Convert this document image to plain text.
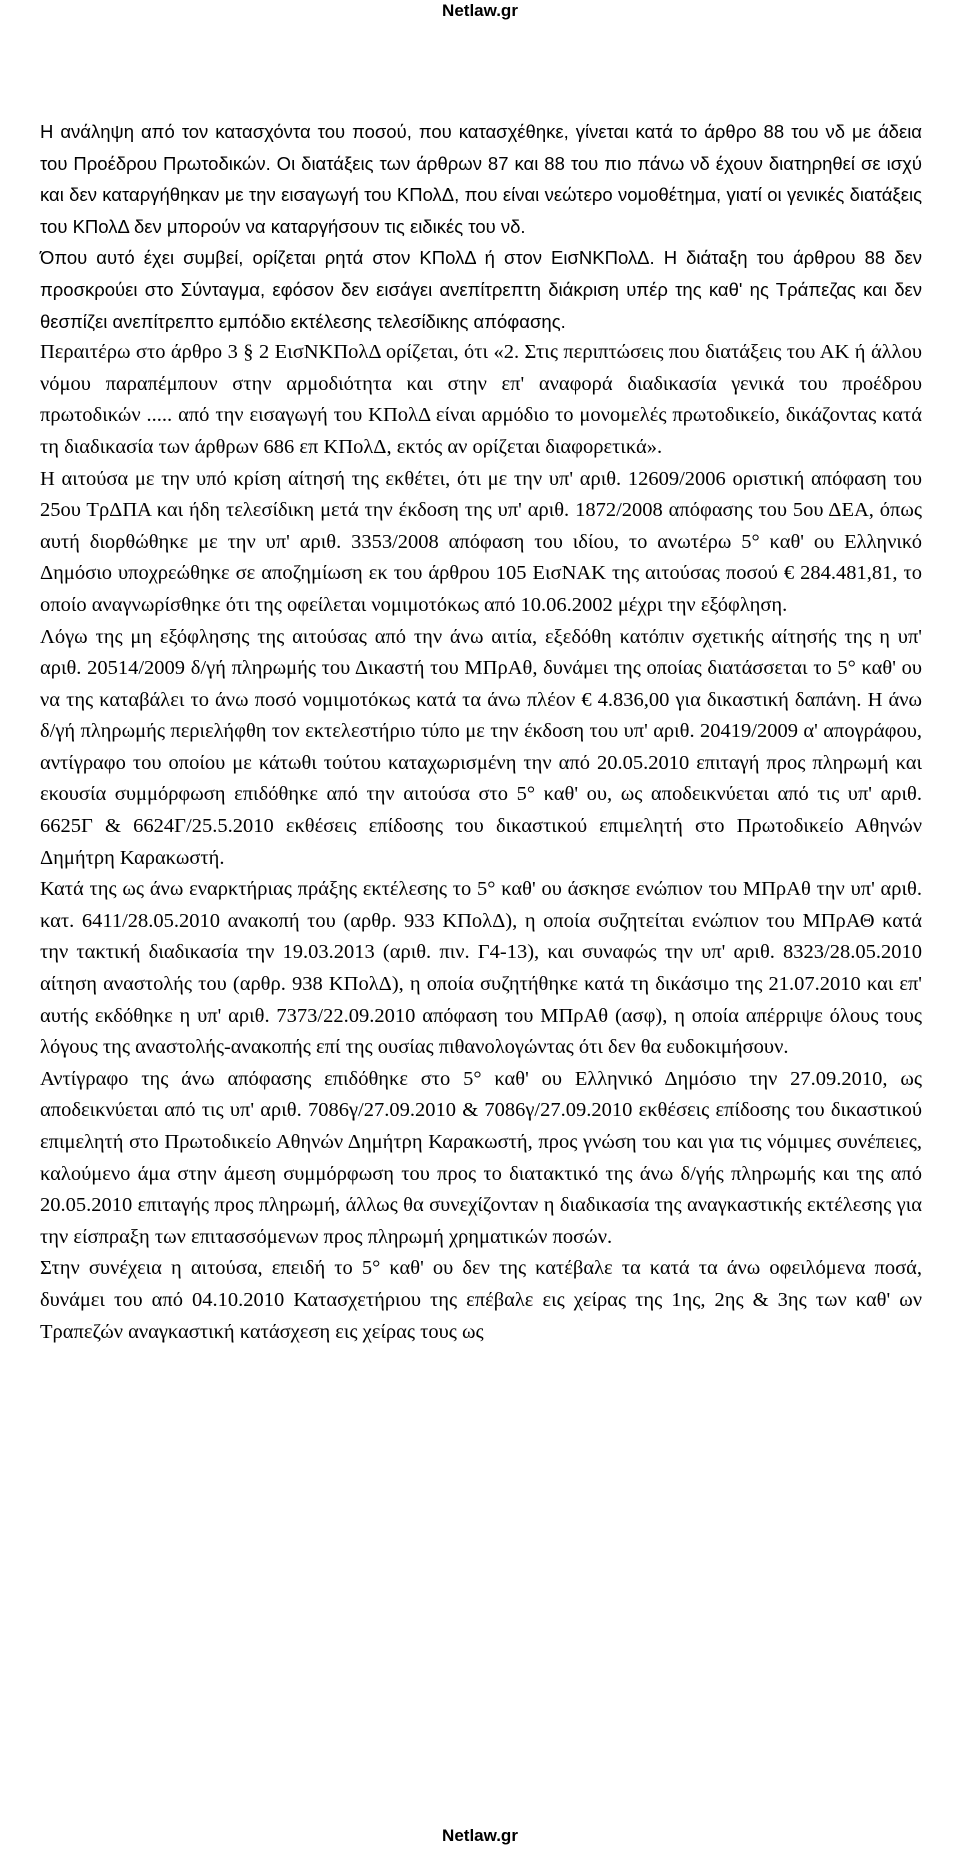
Netlaw.gr

Η ανάληψη από τον κατασχόντα του ποσού, που κατασχέθηκε, γίνεται κατά το άρθρο 88 του νδ με άδεια του Προέδρου Πρωτοδικών. Οι διατάξεις των άρθρων 87 και 88 του πιο πάνω νδ έχουν διατηρηθεί σε ισχύ και δεν καταργήθηκαν με την εισαγωγή του ΚΠολΔ, που είναι νεώτερο νομοθέτημα, γιατί οι γενικές διατάξεις του ΚΠολΔ δεν μπορούν να καταργήσουν τις ειδικές του νδ.

Όπου αυτό έχει συμβεί, ορίζεται ρητά στον ΚΠολΔ ή στον ΕισΝΚΠολΔ. Η διάταξη του άρθρου 88 δεν προσκρούει στο Σύνταγμα, εφόσον δεν εισάγει ανεπίτρεπτη διάκριση υπέρ της καθ' ης Τράπεζας και δεν θεσπίζει ανεπίτρεπτο εμπόδιο εκτέλεσης τελεσίδικης απόφασης.

Περαιτέρω στο άρθρο 3 § 2 ΕισΝΚΠολΔ ορίζεται, ότι «2. Στις περιπτώσεις που διατάξεις του ΑΚ ή άλλου νόμου παραπέμπουν στην αρμοδιότητα και στην επ' αναφορά διαδικασία γενικά του προέδρου πρωτοδικών ..... από την εισαγωγή του ΚΠολΔ είναι αρμόδιο το μονομελές πρωτοδικείο, δικάζοντας κατά τη διαδικασία των άρθρων 686 επ ΚΠολΔ, εκτός αν ορίζεται διαφορετικά».

Η αιτούσα με την υπό κρίση αίτησή της εκθέτει, ότι με την υπ' αριθ. 12609/2006 οριστική απόφαση του 25ου ΤρΔΠΑ και ήδη τελεσίδικη μετά την έκδοση της υπ' αριθ. 1872/2008 απόφασης του 5ου ΔΕΑ, όπως αυτή διορθώθηκε με την υπ' αριθ. 3353/2008 απόφαση του ιδίου, το ανωτέρω 5° καθ' ου Ελληνικό Δημόσιο υποχρεώθηκε σε αποζημίωση εκ του άρθρου 105 ΕισΝΑΚ της αιτούσας ποσού € 284.481,81, το οποίο αναγνωρίσθηκε ότι της οφείλεται νομιμοτόκως από 10.06.2002 μέχρι την εξόφληση.

Λόγω της μη εξόφλησης της αιτούσας από την άνω αιτία, εξεδόθη κατόπιν σχετικής αίτησής της η υπ' αριθ. 20514/2009 δ/γή πληρωμής του Δικαστή του ΜΠρΑθ, δυνάμει της οποίας διατάσσεται το 5° καθ' ου να της καταβάλει το άνω ποσό νομιμοτόκως κατά τα άνω πλέον € 4.836,00 για δικαστική δαπάνη. Η άνω δ/γή πληρωμής περιελήφθη τον εκτελεστήριο τύπο με την έκδοση του υπ' αριθ. 20419/2009 α' απογράφου, αντίγραφο του οποίου με κάτωθι τούτου καταχωρισμένη την από 20.05.2010 επιταγή προς πληρωμή και εκουσία συμμόρφωση επιδόθηκε από την αιτούσα στο 5° καθ' ου, ως αποδεικνύεται από τις υπ' αριθ. 6625Γ & 6624Γ/25.5.2010 εκθέσεις επίδοσης του δικαστικού επιμελητή στο Πρωτοδικείο Αθηνών Δημήτρη Καρακωστή.

Κατά της ως άνω εναρκτήριας πράξης εκτέλεσης το 5° καθ' ου άσκησε ενώπιον του ΜΠρΑθ την υπ' αριθ. κατ. 6411/28.05.2010 ανακοπή του (αρθρ. 933 ΚΠολΔ), η οποία συζητείται ενώπιον του ΜΠρΑΘ κατά την τακτική διαδικασία την 19.03.2013 (αριθ. πιν. Γ4-13), και συναφώς την υπ' αριθ. 8323/28.05.2010 αίτηση αναστολής του (αρθρ. 938 ΚΠολΔ), η οποία συζητήθηκε κατά τη δικάσιμο της 21.07.2010 και επ' αυτής εκδόθηκε η υπ' αριθ. 7373/22.09.2010 απόφαση του ΜΠρΑθ (ασφ), η οποία απέρριψε όλους τους λόγους της αναστολής-ανακοπής επί της ουσίας πιθανολογώντας ότι δεν θα ευδοκιμήσουν.

Αντίγραφο της άνω απόφασης επιδόθηκε στο 5° καθ' ου Ελληνικό Δημόσιο την 27.09.2010, ως αποδεικνύεται από τις υπ' αριθ. 7086γ/27.09.2010 & 7086γ/27.09.2010 εκθέσεις επίδοσης του δικαστικού επιμελητή στο Πρωτοδικείο Αθηνών Δημήτρη Καρακωστή, προς γνώση του και για τις νόμιμες συνέπειες, καλούμενο άμα στην άμεση συμμόρφωση του προς το διατακτικό της άνω δ/γής πληρωμής και της από 20.05.2010 επιταγής προς πληρωμή, άλλως θα συνεχίζονταν η διαδικασία της αναγκαστικής εκτέλεσης για την είσπραξη των επιτασσόμενων προς πληρωμή χρηματικών ποσών.

Στην συνέχεια η αιτούσα, επειδή το 5° καθ' ου δεν της κατέβαλε τα κατά τα άνω οφειλόμενα ποσά, δυνάμει του από 04.10.2010 Κατασχετήριου της επέβαλε εις χείρας της 1ης, 2ης & 3ης των καθ' ων Τραπεζών αναγκαστική κατάσχεση εις χείρας τους ως

Netlaw.gr
